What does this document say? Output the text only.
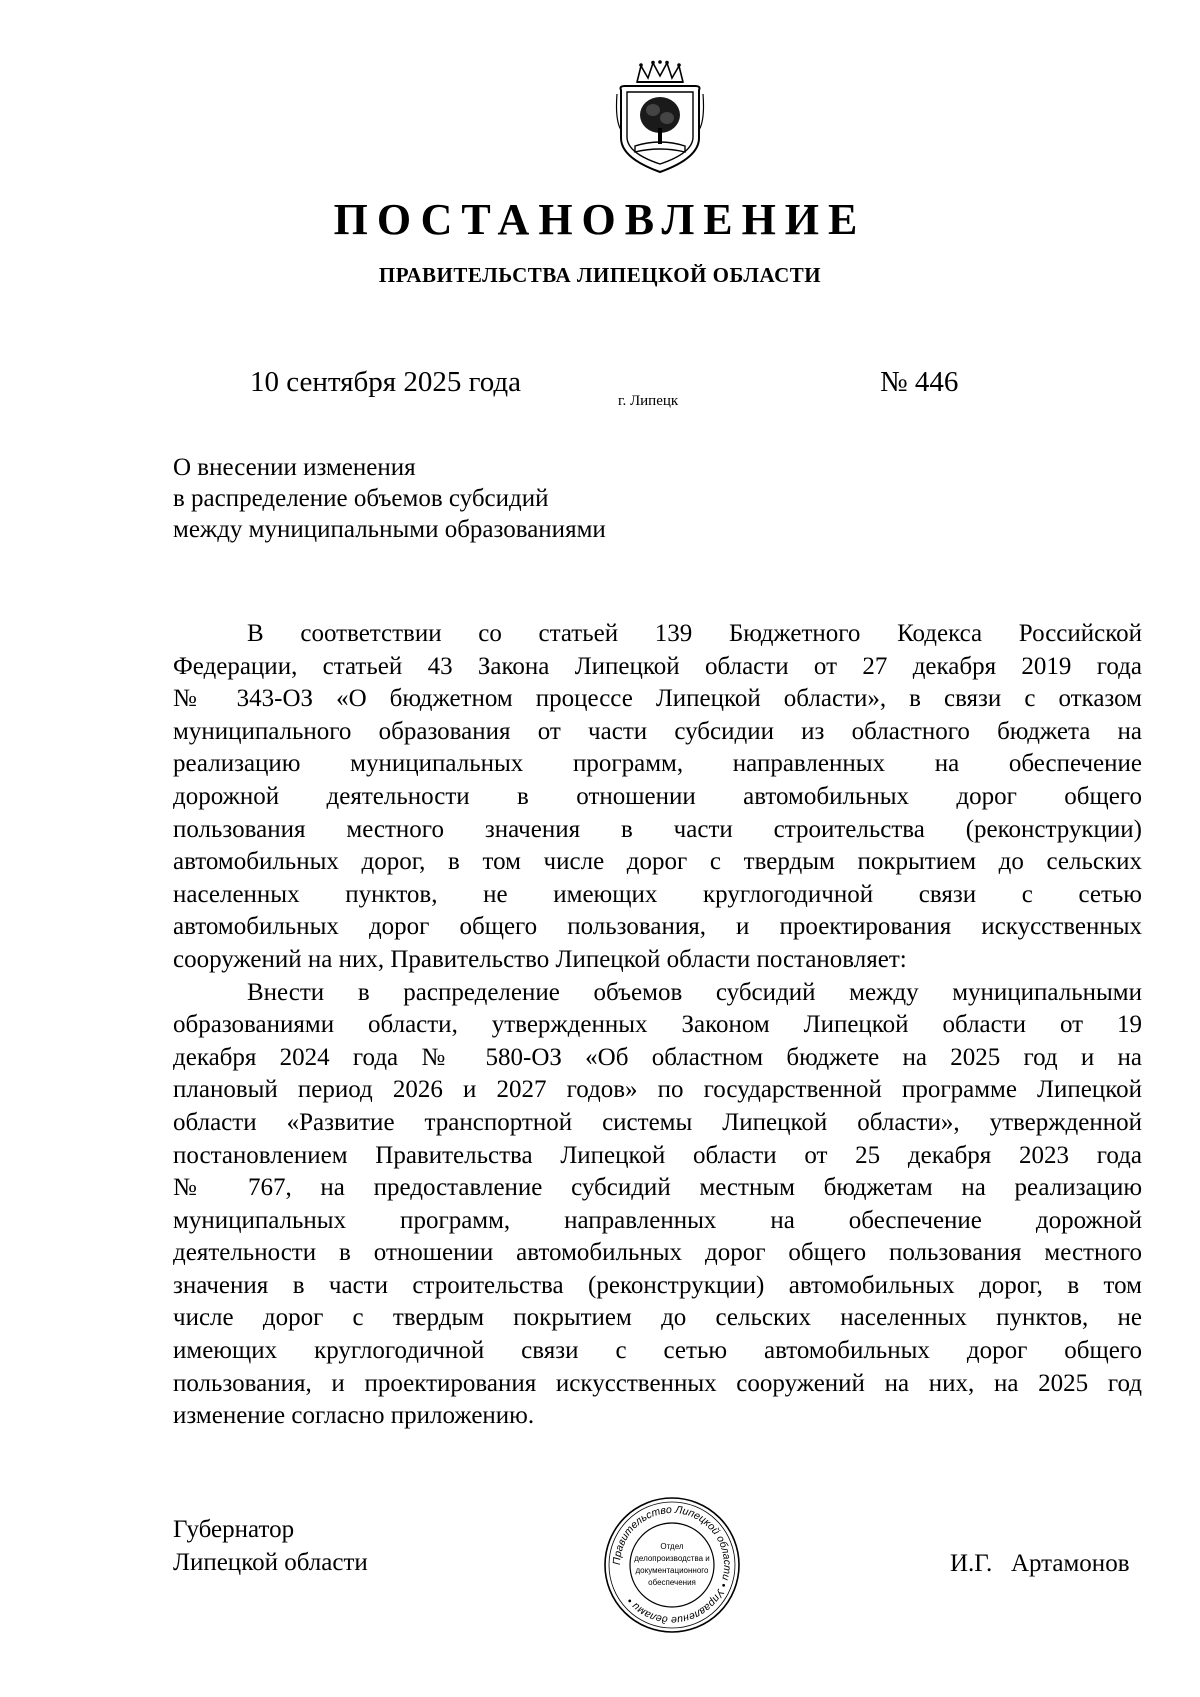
ПОСТАНОВЛЕНИЕ
ПРАВИТЕЛЬСТВА ЛИПЕЦКОЙ ОБЛАСТИ
10 сентября 2025 года
г. Липецк
№ 446
О внесении изменения
в распределение объемов субсидий
между муниципальными образованиями
В соответствии со статьей 139 Бюджетного Кодекса Российской
Федерации, статьей 43 Закона Липецкой области от 27 декабря 2019 года
№ 343-ОЗ «О бюджетном процессе Липецкой области», в связи с отказом
муниципального образования от части субсидии из областного бюджета на
реализацию муниципальных программ, направленных на обеспечение
дорожной деятельности в отношении автомобильных дорог общего
пользования местного значения в части строительства (реконструкции)
автомобильных дорог, в том числе дорог с твердым покрытием до сельских
населенных пунктов, не имеющих круглогодичной связи с сетью
автомобильных дорог общего пользования, и проектирования искусственных
сооружений на них, Правительство Липецкой области постановляет:
Внести в распределение объемов субсидий между муниципальными
образованиями области, утвержденных Законом Липецкой области от 19
декабря 2024 года № 580-ОЗ «Об областном бюджете на 2025 год и на
плановый период 2026 и 2027 годов» по государственной программе Липецкой
области «Развитие транспортной системы Липецкой области», утвержденной
постановлением Правительства Липецкой области от 25 декабря 2023 года
№ 767, на предоставление субсидий местным бюджетам на реализацию
муниципальных программ, направленных на обеспечение дорожной
деятельности в отношении автомобильных дорог общего пользования местного
значения в части строительства (реконструкции) автомобильных дорог, в том
числе дорог с твердым покрытием до сельских населенных пунктов, не
имеющих круглогодичной связи с сетью автомобильных дорог общего
пользования, и проектирования искусственных сооружений на них, на 2025 год
изменение согласно приложению.
Губернатор
Липецкой области	Правительство Липецкой области • Управление делами •
Отдел
делопроизводства и
документационного
обеспечения
И.Г.   Артамонов
